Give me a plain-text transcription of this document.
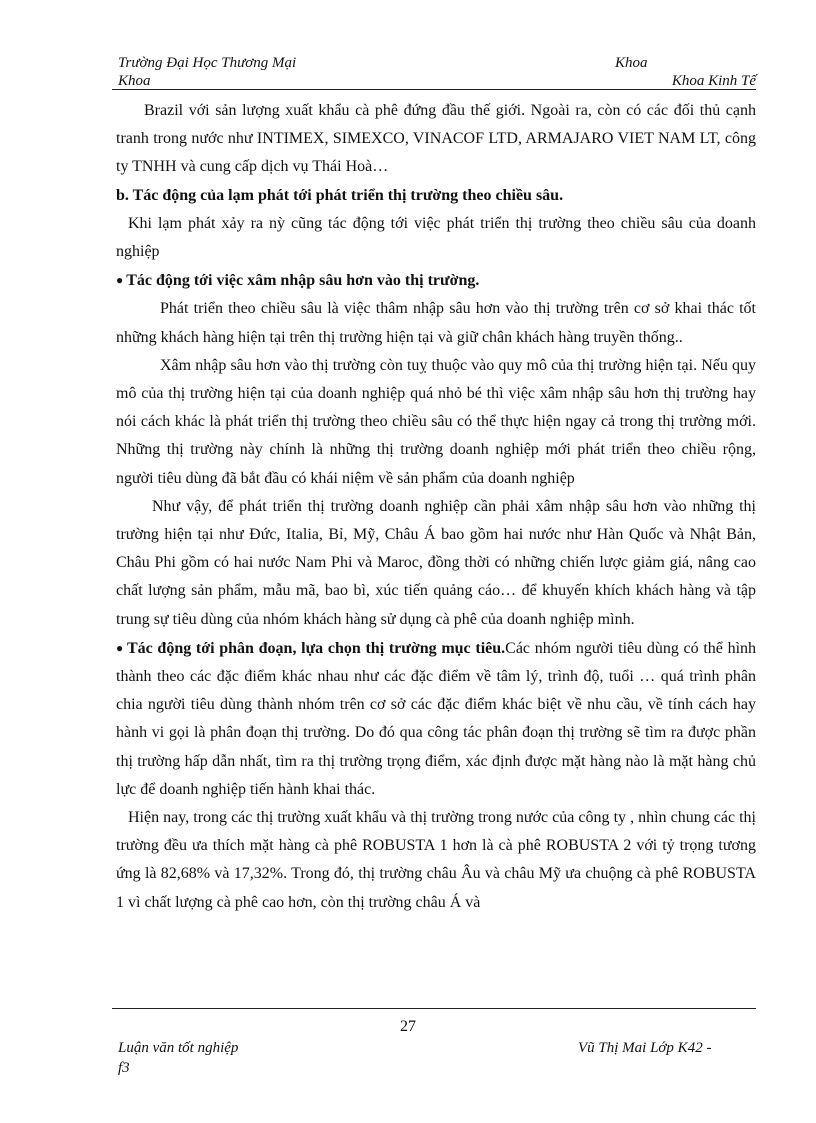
Trường Đại Học Thương Mại	Khoa
Khoa	Khoa Kinh Tế

Brazil với sản lượng xuất khẩu cà phê đứng đầu thế giới. Ngoài ra, còn có các đối thủ cạnh tranh trong nước như INTIMEX, SIMEXCO, VINACOF LTD, ARMAJARO VIET NAM LT, công ty TNHH và cung cấp dịch vụ Thái Hoà…

b. Tác động của lạm phát tới phát triển thị trường theo chiều sâu.

Khi lạm phát xảy ra nỳ cũng tác động tới việc phát triển thị trường theo chiều sâu của doanh nghiệp

● Tác động tới việc xâm nhập sâu hơn vào thị trường.

Phát triển theo chiều sâu là việc thâm nhập sâu hơn vào thị trường trên cơ sở khai thác tốt những khách hàng hiện tại trên thị trường hiện tại và giữ chân khách hàng truyền thống..

Xâm nhập sâu hơn vào thị trường còn tuỵ thuộc vào quy mô của thị trường hiện tại. Nếu quy mô của thị trường hiện tại của doanh nghiệp quá nhỏ bé thì việc xâm nhập sâu hơn thị trường hay nói cách khác là phát triển thị trường theo chiều sâu có thể thực hiện ngay cả trong thị trường mới. Những thị trường này chính là những thị trường doanh nghiệp mới phát triển theo chiều rộng, người tiêu dùng đã bắt đầu có khái niệm về sản phẩm của doanh nghiệp

Như vậy, để phát triển thị trường doanh nghiệp cần phải xâm nhập sâu hơn vào những thị trường hiện tại như Đức, Italia, Bỉ, Mỹ, Châu Á bao gồm hai nước như Hàn Quốc và Nhật Bản, Châu Phi gồm có hai nước Nam Phi và Maroc, đồng thời có những chiến lược giảm giá, nâng cao chất lượng sản phẩm, mẫu mã, bao bì, xúc tiến quảng cáo… để khuyến khích khách hàng và tập trung sự tiêu dùng của nhóm khách hàng sử dụng cà phê của doanh nghiệp mình.

● Tác động tới phân đoạn, lựa chọn thị trường mục tiêu.Các nhóm người tiêu dùng có thể hình thành theo các đặc điểm khác nhau như các đặc điểm về tâm lý, trình độ, tuổi … quá trình phân chia người tiêu dùng thành nhóm trên cơ sở các đặc điểm khác biệt về nhu cầu, về tính cách hay hành vi gọi là phân đoạn thị trường. Do đó qua công tác phân đoạn thị trường sẽ tìm ra được phần thị trường hấp dẫn nhất, tìm ra thị trường trọng điểm, xác định được mặt hàng nào là mặt hàng chủ lực để doanh nghiệp tiến hành khai thác.

Hiện nay, trong các thị trường xuất khẩu và thị trường trong nước của công ty , nhìn chung các thị trường đều ưa thích mặt hàng cà phê ROBUSTA 1 hơn là cà phê ROBUSTA 2 với tỷ trọng tương ứng là 82,68% và 17,32%. Trong đó, thị trường châu Âu và châu Mỹ ưa chuộng cà phê ROBUSTA 1 vì chất lượng cà phê cao hơn, còn thị trường châu Á và

27
Luận văn tốt nghiệp
f3
Vũ Thị Mai Lớp K42 -
